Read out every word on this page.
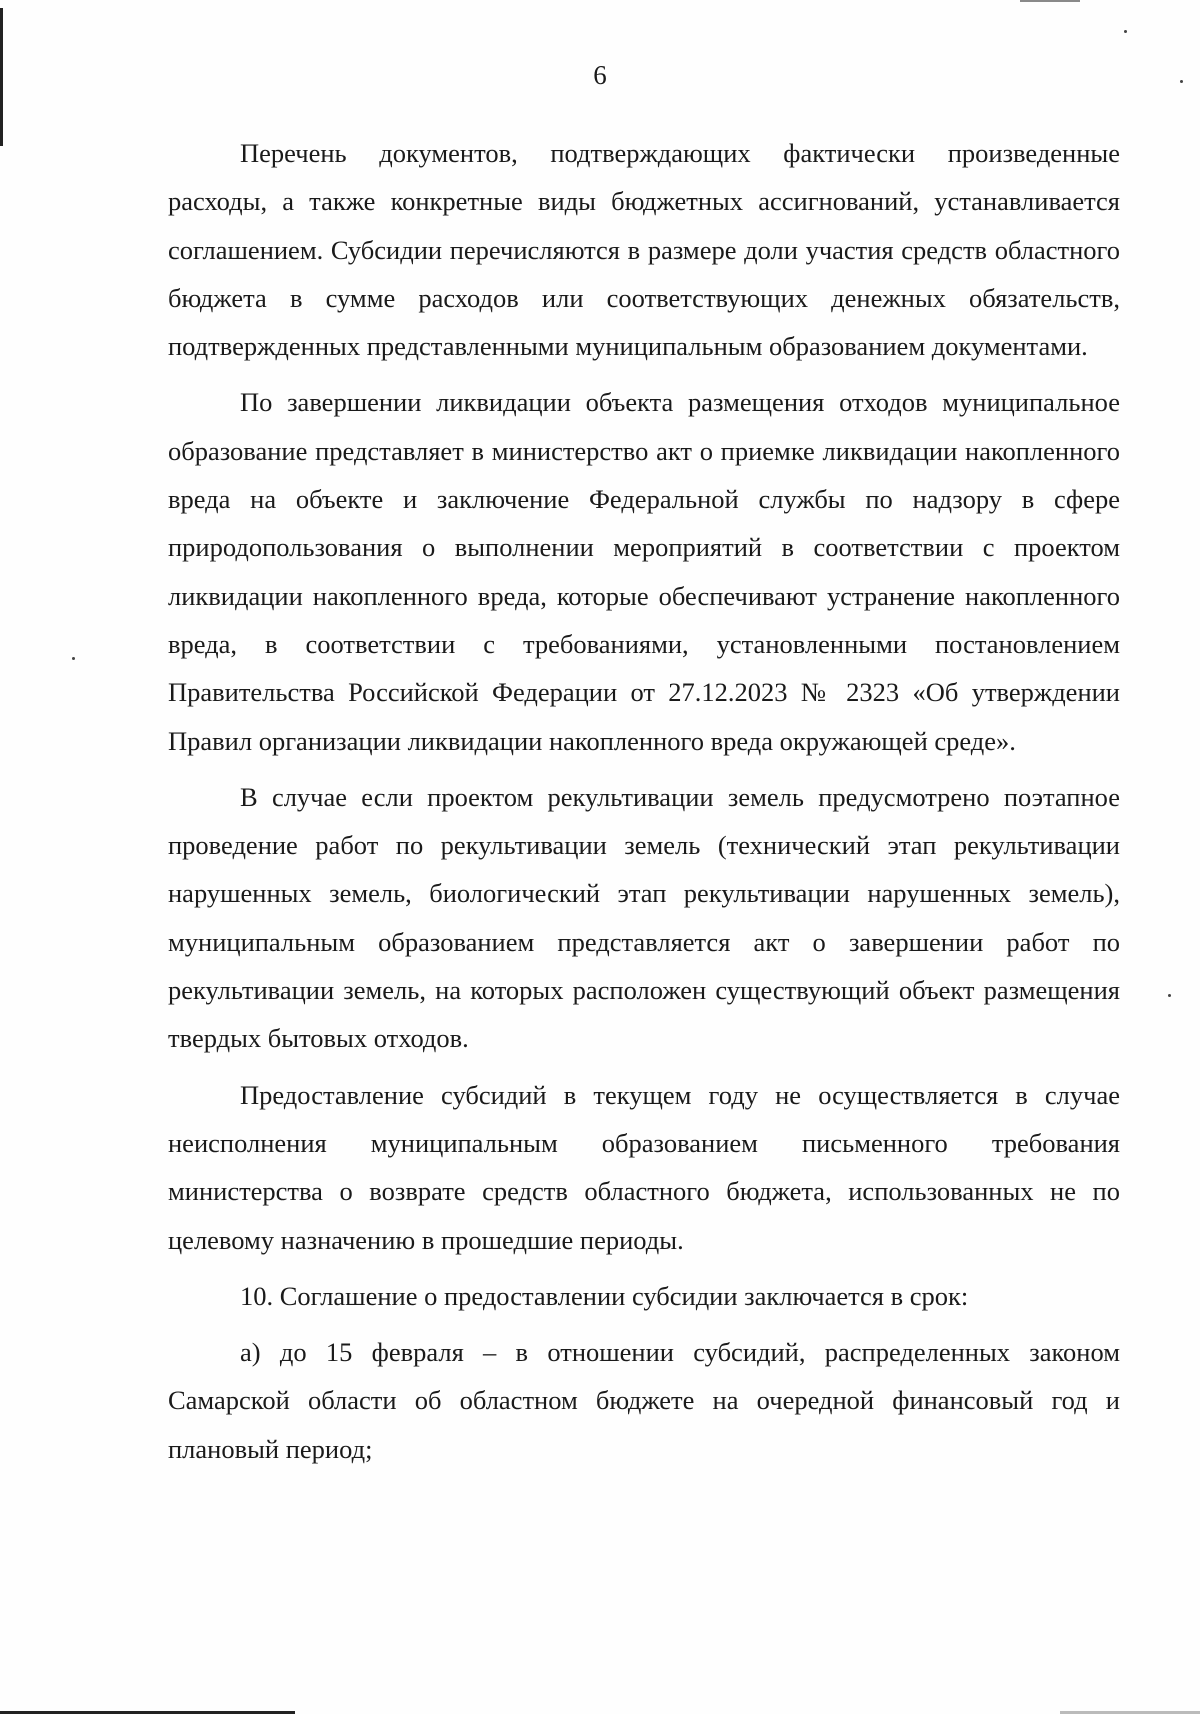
6

Перечень документов, подтверждающих фактически произведенные расходы, а также конкретные виды бюджетных ассигнований, устанавливается соглашением. Субсидии перечисляются в размере доли участия средств областного бюджета в сумме расходов или соответствующих денежных обязательств, подтвержденных представленными муниципальным образованием документами.

По завершении ликвидации объекта размещения отходов муниципальное образование представляет в министерство акт о приемке ликвидации накопленного вреда на объекте и заключение Федеральной службы по надзору в сфере природопользования о выполнении мероприятий в соответствии с проектом ликвидации накопленного вреда, которые обеспечивают устранение накопленного вреда, в соответствии с требованиями, установленными постановлением Правительства Российской Федерации от 27.12.2023 № 2323 «Об утверждении Правил организации ликвидации накопленного вреда окружающей среде».

В случае если проектом рекультивации земель предусмотрено поэтапное проведение работ по рекультивации земель (технический этап рекультивации нарушенных земель, биологический этап рекультивации нарушенных земель), муниципальным образованием представляется акт о завершении работ по рекультивации земель, на которых расположен существующий объект размещения твердых бытовых отходов.

Предоставление субсидий в текущем году не осуществляется в случае неисполнения муниципальным образованием письменного требования министерства о возврате средств областного бюджета, использованных не по целевому назначению в прошедшие периоды.

10. Соглашение о предоставлении субсидии заключается в срок:

а) до 15 февраля – в отношении субсидий, распределенных законом Самарской области об областном бюджете на очередной финансовый год и плановый период;
